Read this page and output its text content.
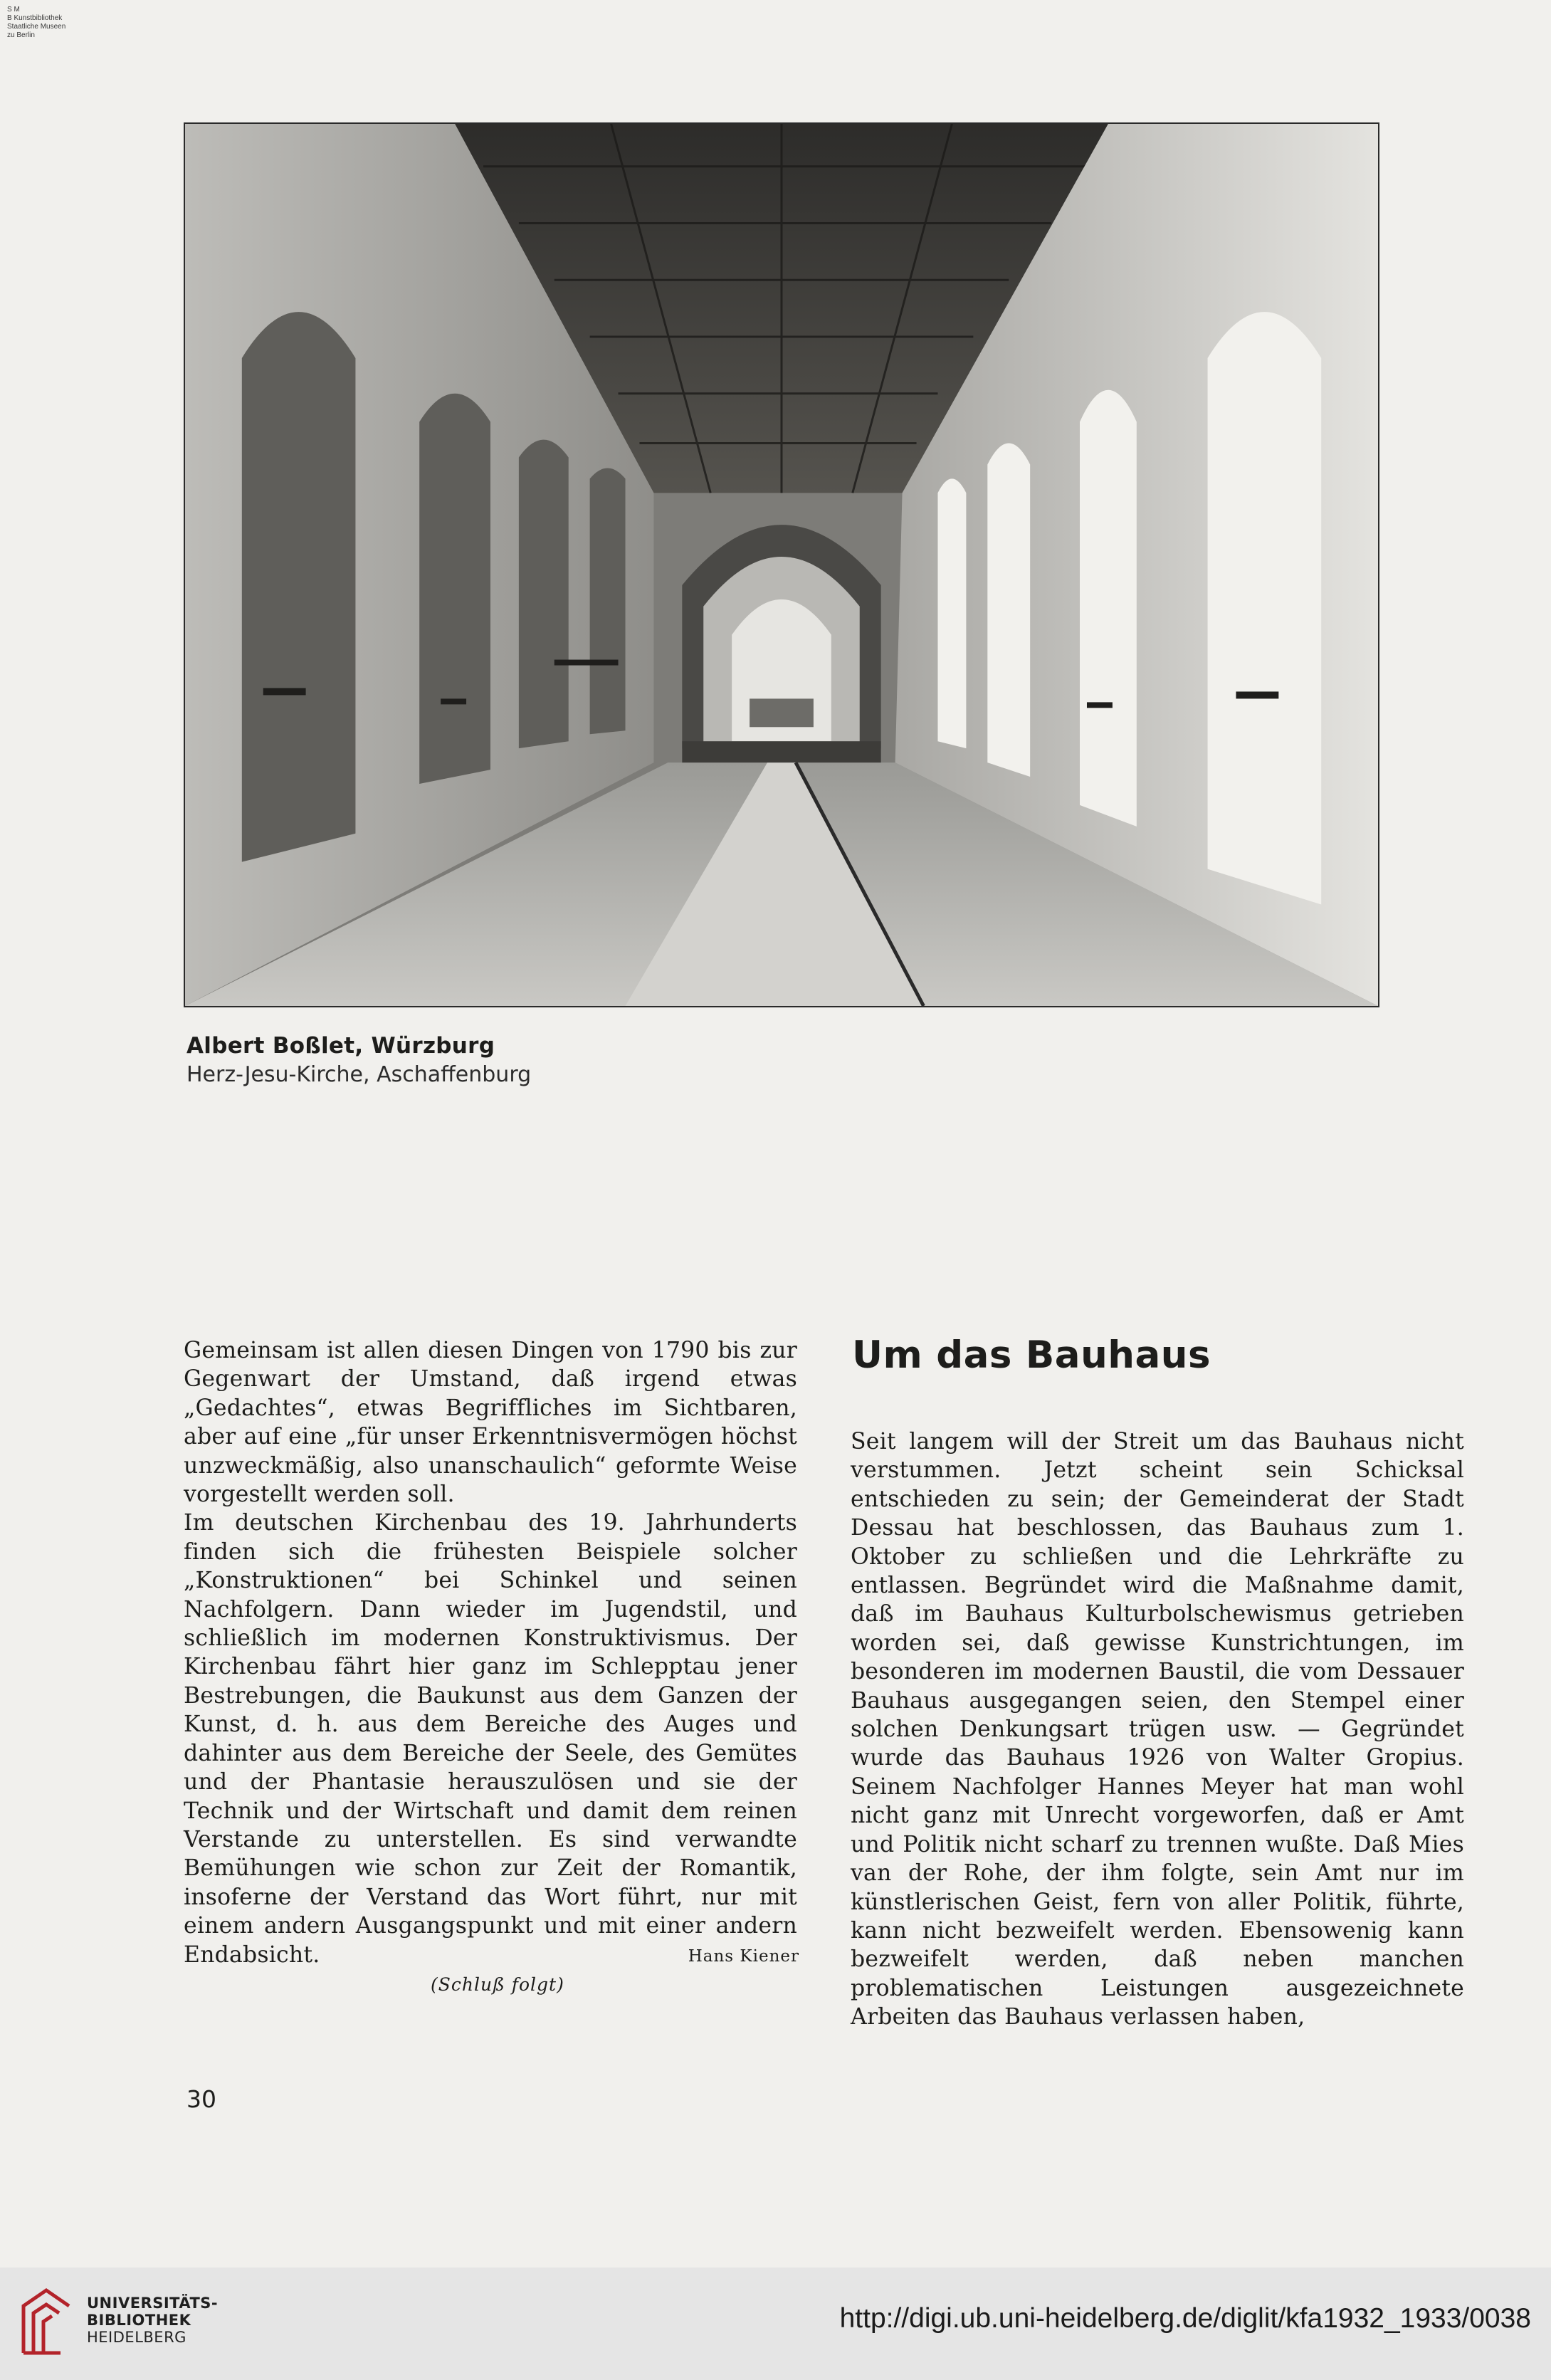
S M
B Kunstbibliothek
Staatliche Museen
zu Berlin
Albert Boßlet, Würzburg
Herz-Jesu-Kirche, Aschaffenburg

Gemeinsam ist allen diesen Dingen von 1790 bis zur Gegenwart der Umstand, daß irgend etwas „Gedachtes“, etwas Begriffliches im Sichtbaren, aber auf eine „für unser Erkenntnisvermögen höchst unzweckmäßig, also unanschaulich“ geformte Weise vorgestellt werden soll.

Im deutschen Kirchenbau des 19. Jahrhunderts finden sich die frühesten Beispiele solcher „Konstruktionen“ bei Schinkel und seinen Nachfolgern. Dann wieder im Jugendstil, und schließlich im modernen Konstruktivismus. Der Kirchenbau fährt hier ganz im Schlepptau jener Bestrebungen, die Baukunst aus dem Ganzen der Kunst, d. h. aus dem Bereiche des Auges und dahinter aus dem Bereiche der Seele, des Gemütes und der Phantasie herauszulösen und sie der Technik und der Wirtschaft und damit dem reinen Verstande zu unterstellen. Es sind verwandte Bemühungen wie schon zur Zeit der Romantik, insoferne der Verstand das Wort führt, nur mit einem andern Ausgangspunkt und mit einer andern Endabsicht.	Hans Kiener
(Schluß folgt)
Um das Bauhaus

Seit langem will der Streit um das Bauhaus nicht verstummen. Jetzt scheint sein Schicksal entschieden zu sein; der Gemeinderat der Stadt Dessau hat beschlossen, das Bauhaus zum 1. Oktober zu schließen und die Lehrkräfte zu entlassen. Begründet wird die Maßnahme damit, daß im Bauhaus Kulturbolschewismus getrieben worden sei, daß gewisse Kunstrichtungen, im besonderen im modernen Baustil, die vom Dessauer Bauhaus ausgegangen seien, den Stempel einer solchen Denkungsart trügen usw. — Gegründet wurde das Bauhaus 1926 von Walter Gropius. Seinem Nachfolger Hannes Meyer hat man wohl nicht ganz mit Unrecht vorgeworfen, daß er Amt und Politik nicht scharf zu trennen wußte. Daß Mies van der Rohe, der ihm folgte, sein Amt nur im künstlerischen Geist, fern von aller Politik, führte, kann nicht bezweifelt werden. Ebensowenig kann bezweifelt werden, daß neben manchen problematischen Leistungen ausgezeichnete Arbeiten das Bauhaus verlassen haben,

30
UNIVERSITÄTS-
BIBLIOTHEK
HEIDELBERG
http://digi.ub.uni-heidelberg.de/diglit/kfa1932_1933/0038
